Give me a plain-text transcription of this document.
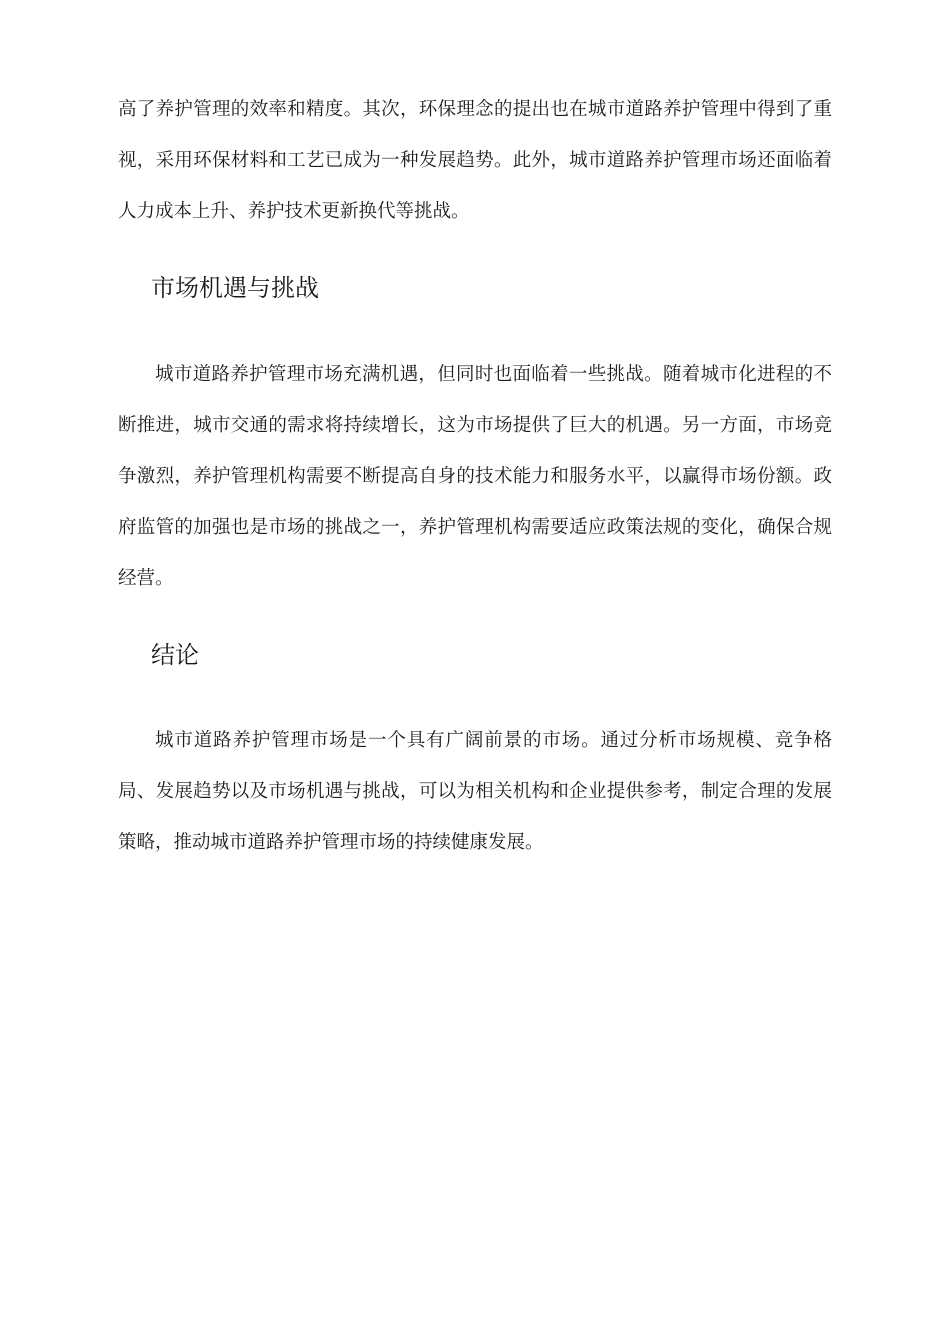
高了养护管理的效率和精度。其次，环保理念的提出也在城市道路养护管理中得到了重视，采用环保材料和工艺已成为一种发展趋势。此外，城市道路养护管理市场还面临着人力成本上升、养护技术更新换代等挑战。

市场机遇与挑战

城市道路养护管理市场充满机遇，但同时也面临着一些挑战。随着城市化进程的不断推进，城市交通的需求将持续增长，这为市场提供了巨大的机遇。另一方面，市场竞争激烈，养护管理机构需要不断提高自身的技术能力和服务水平，以赢得市场份额。政府监管的加强也是市场的挑战之一，养护管理机构需要适应政策法规的变化，确保合规经营。

结论

城市道路养护管理市场是一个具有广阔前景的市场。通过分析市场规模、竞争格局、发展趋势以及市场机遇与挑战，可以为相关机构和企业提供参考，制定合理的发展策略，推动城市道路养护管理市场的持续健康发展。
